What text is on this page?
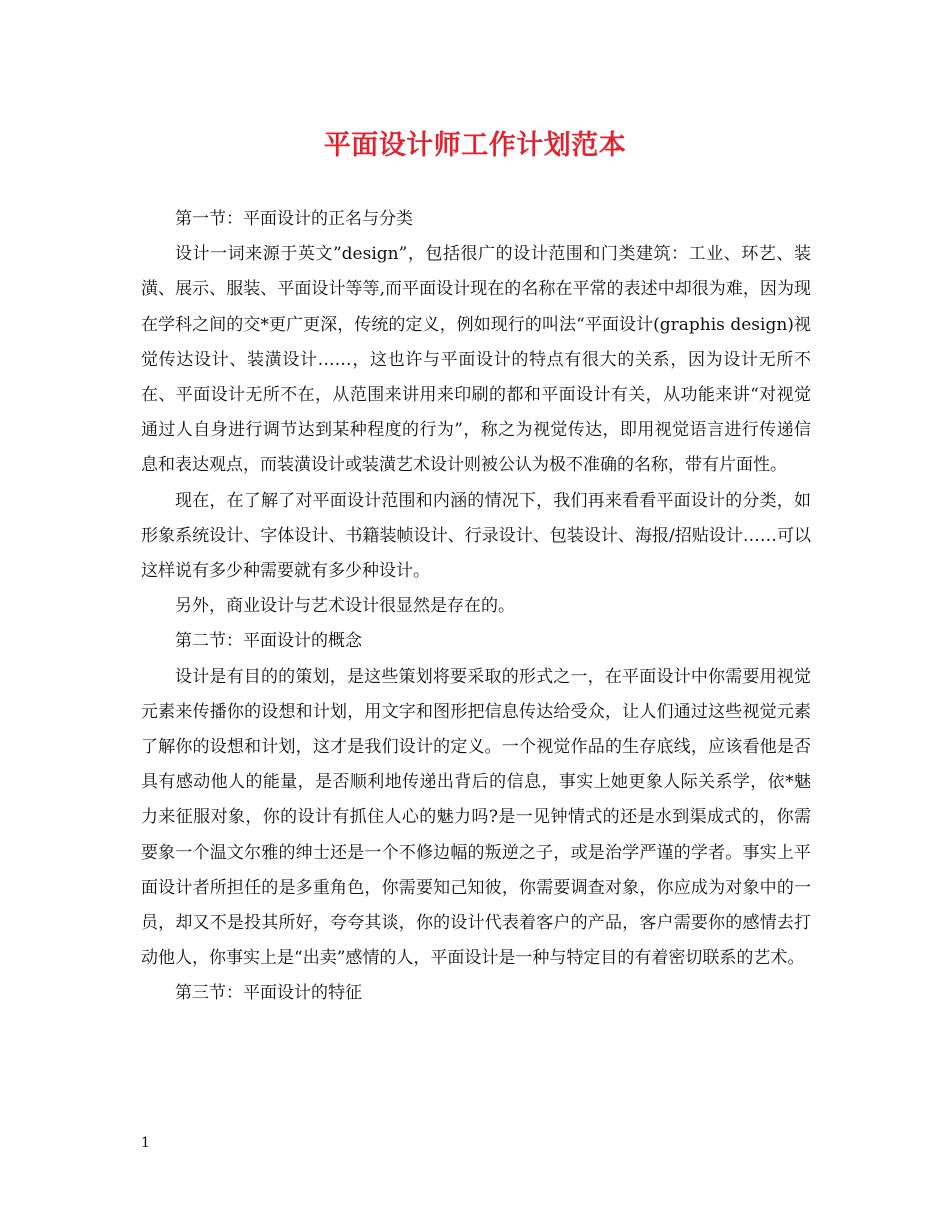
平面设计师工作计划范本

第一节：平面设计的正名与分类

设计一词来源于英文”design”，包括很广的设计范围和门类建筑：工业、环艺、装潢、展示、服装、平面设计等等,而平面设计现在的名称在平常的表述中却很为难，因为现在学科之间的交*更广更深，传统的定义，例如现行的叫法“平面设计(graphis design)视觉传达设计、装潢设计……，这也许与平面设计的特点有很大的关系，因为设计无所不在、平面设计无所不在，从范围来讲用来印刷的都和平面设计有关，从功能来讲“对视觉通过人自身进行调节达到某种程度的行为”，称之为视觉传达，即用视觉语言进行传递信息和表达观点，而装潢设计或装潢艺术设计则被公认为极不准确的名称，带有片面性。

现在，在了解了对平面设计范围和内涵的情况下，我们再来看看平面设计的分类，如形象系统设计、字体设计、书籍装帧设计、行录设计、包装设计、海报/招贴设计……可以这样说有多少种需要就有多少种设计。

另外，商业设计与艺术设计很显然是存在的。

第二节：平面设计的概念

设计是有目的的策划，是这些策划将要采取的形式之一，在平面设计中你需要用视觉元素来传播你的设想和计划，用文字和图形把信息传达给受众，让人们通过这些视觉元素了解你的设想和计划，这才是我们设计的定义。一个视觉作品的生存底线，应该看他是否具有感动他人的能量，是否顺利地传递出背后的信息，事实上她更象人际关系学，依*魅力来征服对象，你的设计有抓住人心的魅力吗?是一见钟情式的还是水到渠成式的，你需要象一个温文尔雅的绅士还是一个不修边幅的叛逆之子，或是治学严谨的学者。事实上平面设计者所担任的是多重角色，你需要知己知彼，你需要调查对象，你应成为对象中的一员，却又不是投其所好，夸夸其谈，你的设计代表着客户的产品，客户需要你的感情去打动他人，你事实上是“出卖”感情的人，平面设计是一种与特定目的有着密切联系的艺术。

第三节：平面设计的特征

1
